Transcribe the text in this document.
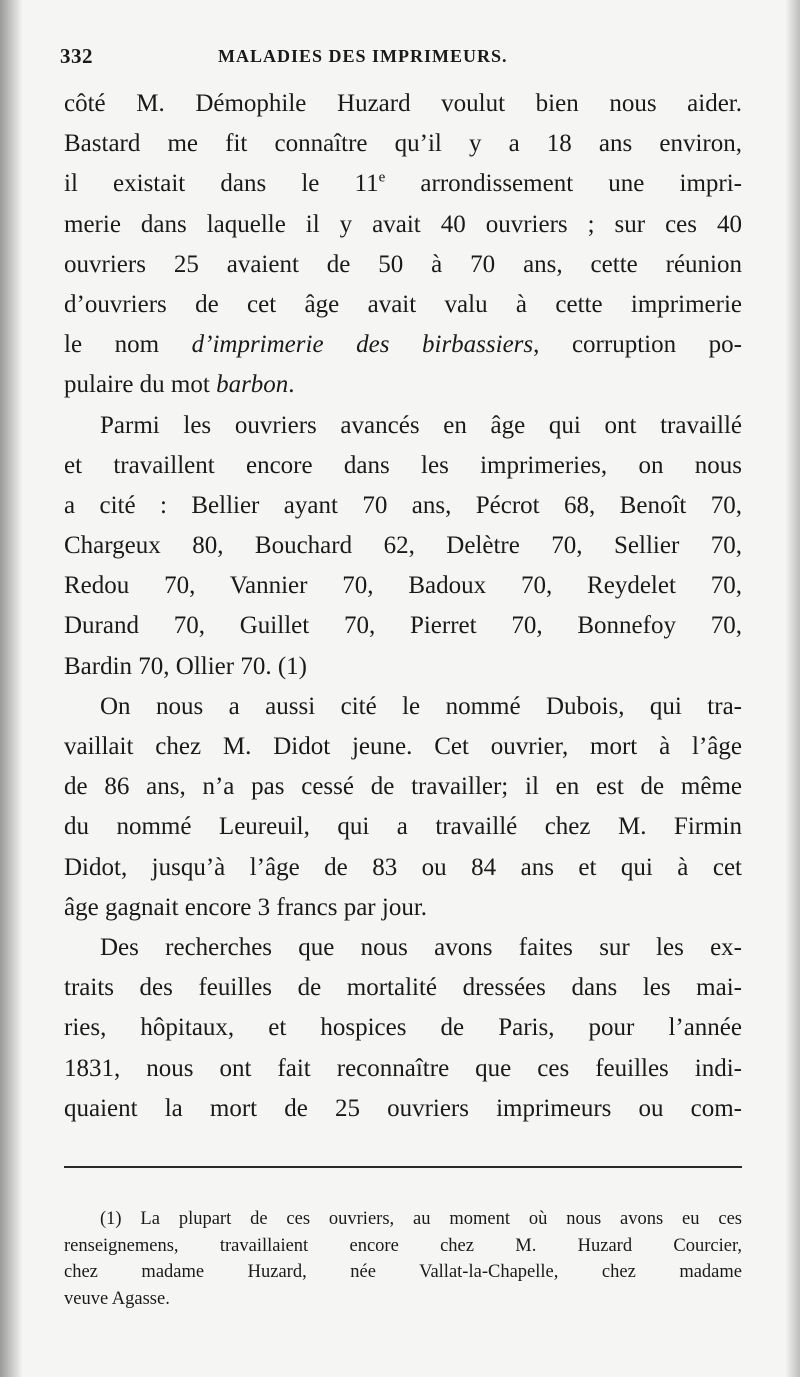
332	MALADIES DES IMPRIMEURS.
côté M. Démophile Huzard voulut bien nous aider.
Bastard me fit connaître qu’il y a 18 ans environ,
il existait dans le 11e arrondissement une impri-
merie dans laquelle il y avait 40 ouvriers ; sur ces 40
ouvriers 25 avaient de 50 à 70 ans, cette réunion
d’ouvriers de cet âge avait valu à cette imprimerie
le nom d’imprimerie des birbassiers, corruption po-
pulaire du mot barbon.
Parmi les ouvriers avancés en âge qui ont travaillé
et travaillent encore dans les imprimeries, on nous
a cité : Bellier ayant 70 ans, Pécrot 68, Benoît 70,
Chargeux 80, Bouchard 62, Delètre 70, Sellier 70,
Redou 70, Vannier 70, Badoux 70, Reydelet 70,
Durand 70, Guillet 70, Pierret 70, Bonnefoy 70,
Bardin 70, Ollier 70. (1)
On nous a aussi cité le nommé Dubois, qui tra-
vaillait chez M. Didot jeune. Cet ouvrier, mort à l’âge
de 86 ans, n’a pas cessé de travailler; il en est de même
du nommé Leureuil, qui a travaillé chez M. Firmin
Didot, jusqu’à l’âge de 83 ou 84 ans et qui à cet
âge gagnait encore 3 francs par jour.
Des recherches que nous avons faites sur les ex-
traits des feuilles de mortalité dressées dans les mai-
ries, hôpitaux, et hospices de Paris, pour l’année
1831, nous ont fait reconnaître que ces feuilles indi-
quaient la mort de 25 ouvriers imprimeurs ou com-
(1) La plupart de ces ouvriers, au moment où nous avons eu ces
renseignemens, travaillaient encore chez M. Huzard Courcier,
chez madame Huzard, née Vallat-la-Chapelle, chez madame
veuve Agasse.
